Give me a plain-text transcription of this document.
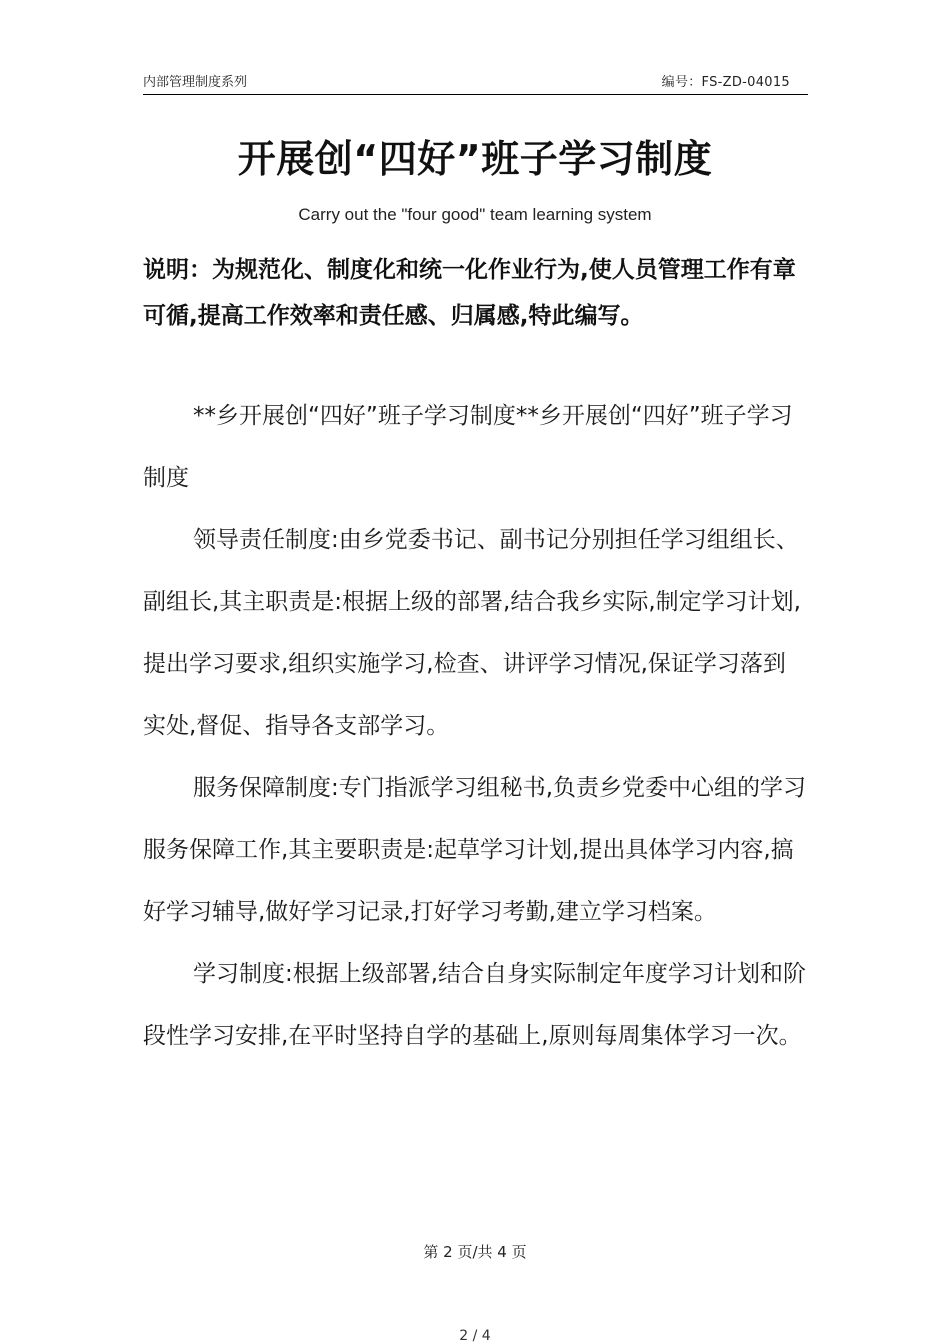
内部管理制度系列	编号：FS-ZD-04015
开展创“四好”班子学习制度
Carry out the "four good" team learning system
说明：为规范化、制度化和统一化作业行为,使人员管理工作有章可循,提高工作效率和责任感、归属感,特此编写。

**乡开展创“四好”班子学习制度**乡开展创“四好”班子学习制度

领导责任制度:由乡党委书记、副书记分别担任学习组组长、副组长,其主职责是:根据上级的部署,结合我乡实际,制定学习计划,提出学习要求,组织实施学习,检查、讲评学习情况,保证学习落到实处,督促、指导各支部学习。

服务保障制度:专门指派学习组秘书,负责乡党委中心组的学习服务保障工作,其主要职责是:起草学习计划,提出具体学习内容,搞好学习辅导,做好学习记录,打好学习考勤,建立学习档案。

学习制度:根据上级部署,结合自身实际制定年度学习计划和阶段性学习安排,在平时坚持自学的基础上,原则每周集体学习一次。

第 2 页/共 4 页
2 / 4
